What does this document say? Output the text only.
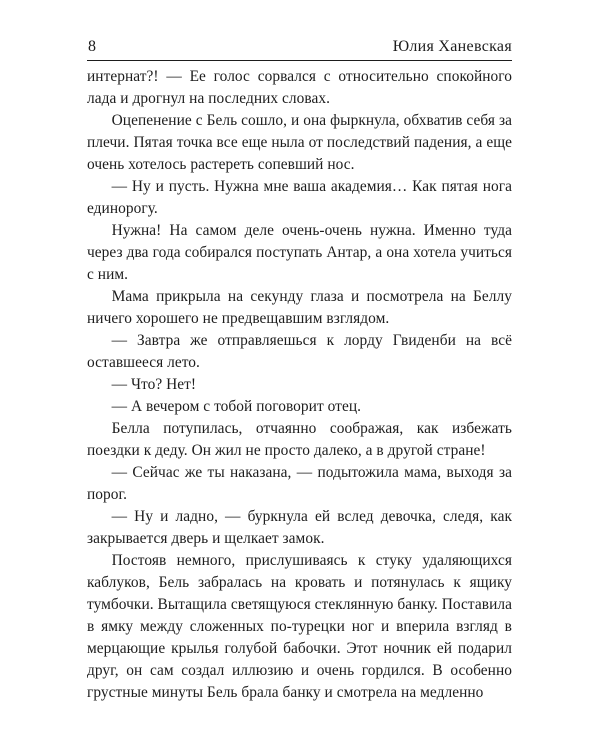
8	Юлия Ханевская

интернат?! — Ее голос сорвался с относительно спокойного лада и дрогнул на последних словах.

Оцепенение с Бель сошло, и она фыркнула, обхватив себя за плечи. Пятая точка все еще ныла от последствий падения, а еще очень хотелось растереть сопевший нос.

— Ну и пусть. Нужна мне ваша академия… Как пятая нога единорогу.

Нужна! На самом деле очень-очень нужна. Именно туда через два года собирался поступать Антар, а она хотела учиться с ним.

Мама прикрыла на секунду глаза и посмотрела на Беллу ничего хорошего не предвещавшим взглядом.

— Завтра же отправляешься к лорду Гвиденби на всё оставшееся лето.

— Что? Нет!

— А вечером с тобой поговорит отец.

Белла потупилась, отчаянно соображая, как избежать поездки к деду. Он жил не просто далеко, а в другой стране!

— Сейчас же ты наказана, — подытожила мама, выходя за порог.

— Ну и ладно, — буркнула ей вслед девочка, следя, как закрывается дверь и щелкает замок.

Постояв немного, прислушиваясь к стуку удаляющихся каблуков, Бель забралась на кровать и потянулась к ящику тумбочки. Вытащила светящуюся стеклянную банку. Поставила в ямку между сложенных по-турецки ног и вперила взгляд в мерцающие крылья голубой бабочки. Этот ночник ей подарил друг, он сам создал иллюзию и очень гордился. В особенно грустные минуты Бель брала банку и смотрела на медленно
